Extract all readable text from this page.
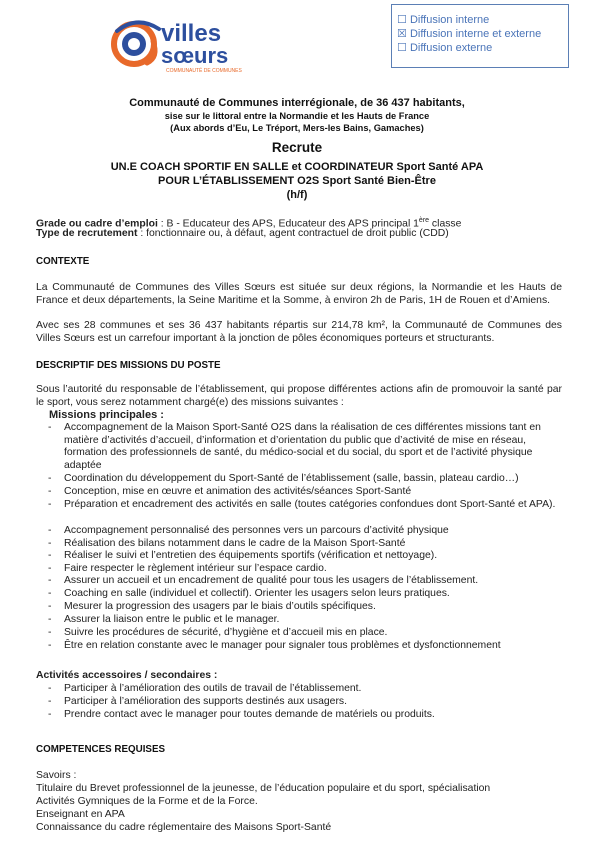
villes
sœurs
COMMUNAUTÉ DE COMMUNES
☐ Diffusion interne
☒ Diffusion interne et externe
☐ Diffusion externe
Communauté de Communes interrégionale, de 36 437 habitants,
sise sur le littoral entre la Normandie et les Hauts de France
(Aux abords d’Eu, Le Tréport, Mers-les Bains, Gamaches)
Recrute
UN.E COACH SPORTIF EN SALLE et COORDINATEUR Sport Santé APA
POUR L’ÉTABLISSEMENT O2S Sport Santé Bien-Être
(h/f)
Grade ou cadre d’emploi : B - Educateur des APS, Educateur des APS principal 1ère classe
Type de recrutement : fonctionnaire ou, à défaut, agent contractuel de droit public (CDD)
CONTEXTE

La Communauté de Communes des Villes Sœurs est située sur deux régions, la Normandie et les Hauts de France et deux départements, la Seine Maritime et la Somme, à environ 2h de Paris, 1H de Rouen et d’Amiens.

Avec ses 28 communes et ses 36 437 habitants répartis sur 214,78 km², la Communauté de Communes des Villes Sœurs est un carrefour important à la jonction de pôles économiques porteurs et structurants.

DESCRIPTIF DES MISSIONS DU POSTE

Sous l’autorité du responsable de l’établissement, qui propose différentes actions afin de promouvoir la santé par le sport, vous serez notamment chargé(e) des missions suivantes :

Missions principales :
-	Accompagnement de la Maison Sport-Santé O2S dans la réalisation de ces différentes missions tant en matière d’activités d’accueil, d’information et d’orientation du public que d’activité de mise en réseau, formation des professionnels de santé, du médico-social et du social, du sport et de l’activité physique adaptée

-	Coordination du développement du Sport-Santé de l’établissement (salle, bassin, plateau cardio…)

-	Conception, mise en œuvre et animation des activités/séances Sport-Santé

-	Préparation et encadrement des activités en salle (toutes catégories confondues dont Sport-Santé et APA).

-	Accompagnement personnalisé des personnes vers un parcours d’activité physique

-	Réalisation des bilans notamment dans le cadre de la Maison Sport-Santé

-	Réaliser le suivi et l’entretien des équipements sportifs (vérification et nettoyage).

-	Faire respecter le règlement intérieur sur l’espace cardio.

-	Assurer un accueil et un encadrement de qualité pour tous les usagers de l’établissement.

-	Coaching en salle (individuel et collectif). Orienter les usagers selon leurs pratiques.

-	Mesurer la progression des usagers par le biais d’outils spécifiques.

-	Assurer la liaison entre le public et le manager.

-	Suivre les procédures de sécurité, d’hygiène et d’accueil mis en place.

-	Être en relation constante avec le manager pour signaler tous problèmes et dysfonctionnement

Activités accessoires / secondaires :
-	Participer à l’amélioration des outils de travail de l’établissement.

-	Participer à l’amélioration des supports destinés aux usagers.

-	Prendre contact avec le manager pour toutes demande de matériels ou produits.

COMPETENCES REQUISES
Savoirs :
Titulaire du Brevet professionnel de la jeunesse, de l’éducation populaire et du sport, spécialisation
Activités Gymniques de la Forme et de la Force.
Enseignant en APA
Connaissance du cadre réglementaire des Maisons Sport-Santé
